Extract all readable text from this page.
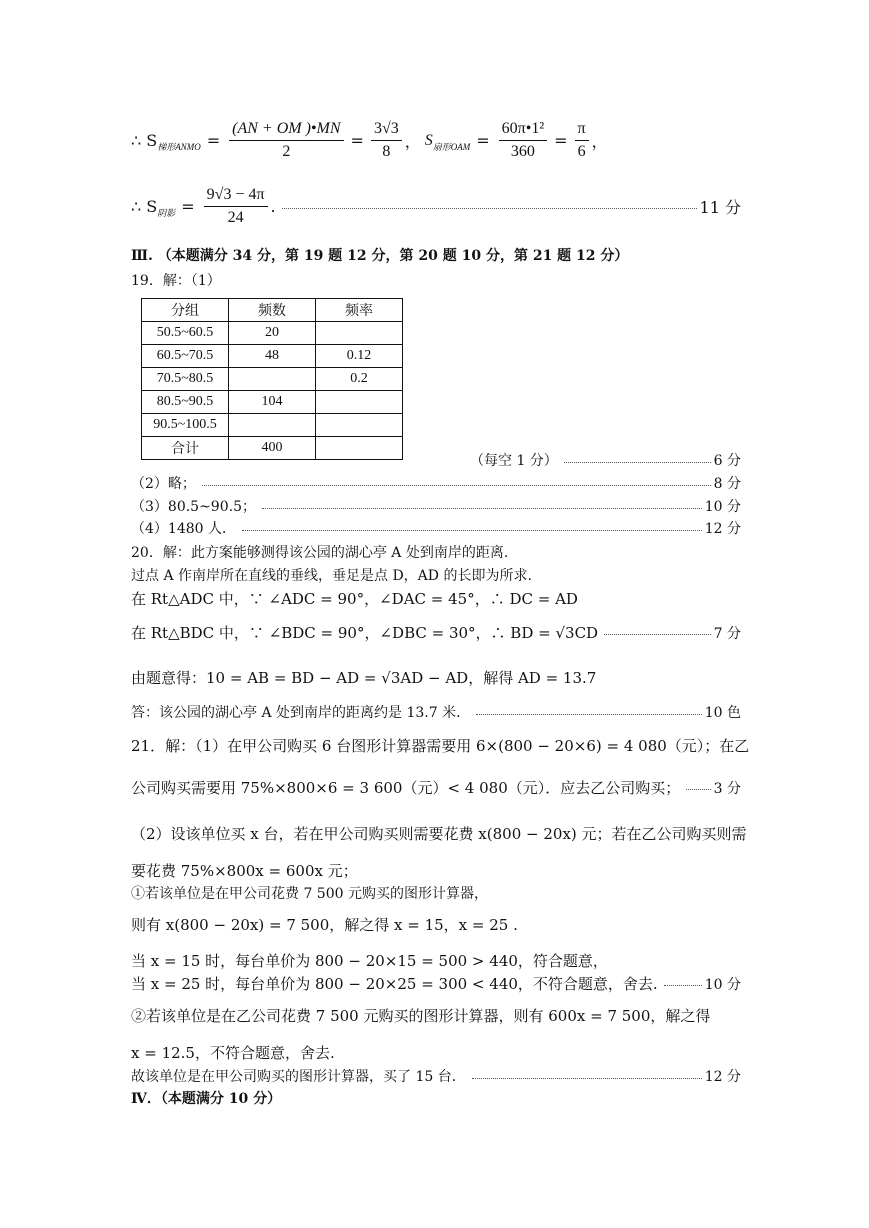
∴ S 梯形ANMO = $\frac{(AN + OM )•MN}{2} = \frac{3√3}{8}$ ， S 扇形OAM = $\frac{\text{60π•1²}}{360} = \frac{\pi}{6}$ ，
∴ S 阴影 = $\frac{9√3 - 4\pi}{24}$ .	11 分
Ⅲ. （本题满分 34 分，第 19 题 12 分，第 20 题 10 分，第 21 题 12 分）
19．解：（1）
分组	频数	频率
50.5~60.5	20	
60.5~70.5	48	0.12
70.5~80.5		0.2
80.5~90.5	104	
90.5~100.5		
合计	400	
（每空 1 分）	6 分
（2）略；	8 分
（3）80.5~90.5；	10 分
（4）1480 人．	12 分
20．解：此方案能够测得该公园的湖心亭 A 处到南岸的距离.
过点 A 作南岸所在直线的垂线，垂足是点 D，AD 的长即为所求.
在 Rt△ADC 中，∵ ∠ADC = 90°，∠DAC = 45°，∴ DC = AD
在 Rt△BDC 中，∵ ∠BDC = 90°，∠DBC = 30°，∴ BD = √3CD	7 分
由题意得：10 = AB = BD − AD = √3AD − AD，解得 AD = 13.7
答：该公园的湖心亭 A 处到南岸的距离约是 13.7 米．	10 色
21．解：（1）在甲公司购买 6 台图形计算器需要用 6×(800 − 20×6) = 4 080（元）；在乙
公司购买需要用 75%×800×6 = 3 600（元）< 4 080（元）．应去乙公司购买； 3 分
（2）设该单位买 x 台，若在甲公司购买则需要花费 x(800 − 20x) 元；若在乙公司购买则需
要花费 75%×800x = 600x 元；
①若该单位是在甲公司花费 7 500 元购买的图形计算器，
则有 x(800 − 20x) = 7 500，解之得 x = 15，x = 25 .
当 x = 15 时，每台单价为 800 − 20×15 = 500 > 440，符合题意，
当 x = 25 时，每台单价为 800 − 20×25 = 300 < 440，不符合题意，舍去.	10 分
②若该单位是在乙公司花费 7 500 元购买的图形计算器，则有 600x = 7 500，解之得
x = 12.5，不符合题意，舍去.
故该单位是在甲公司购买的图形计算器，买了 15 台．	12 分
Ⅳ．（本题满分 10 分）
